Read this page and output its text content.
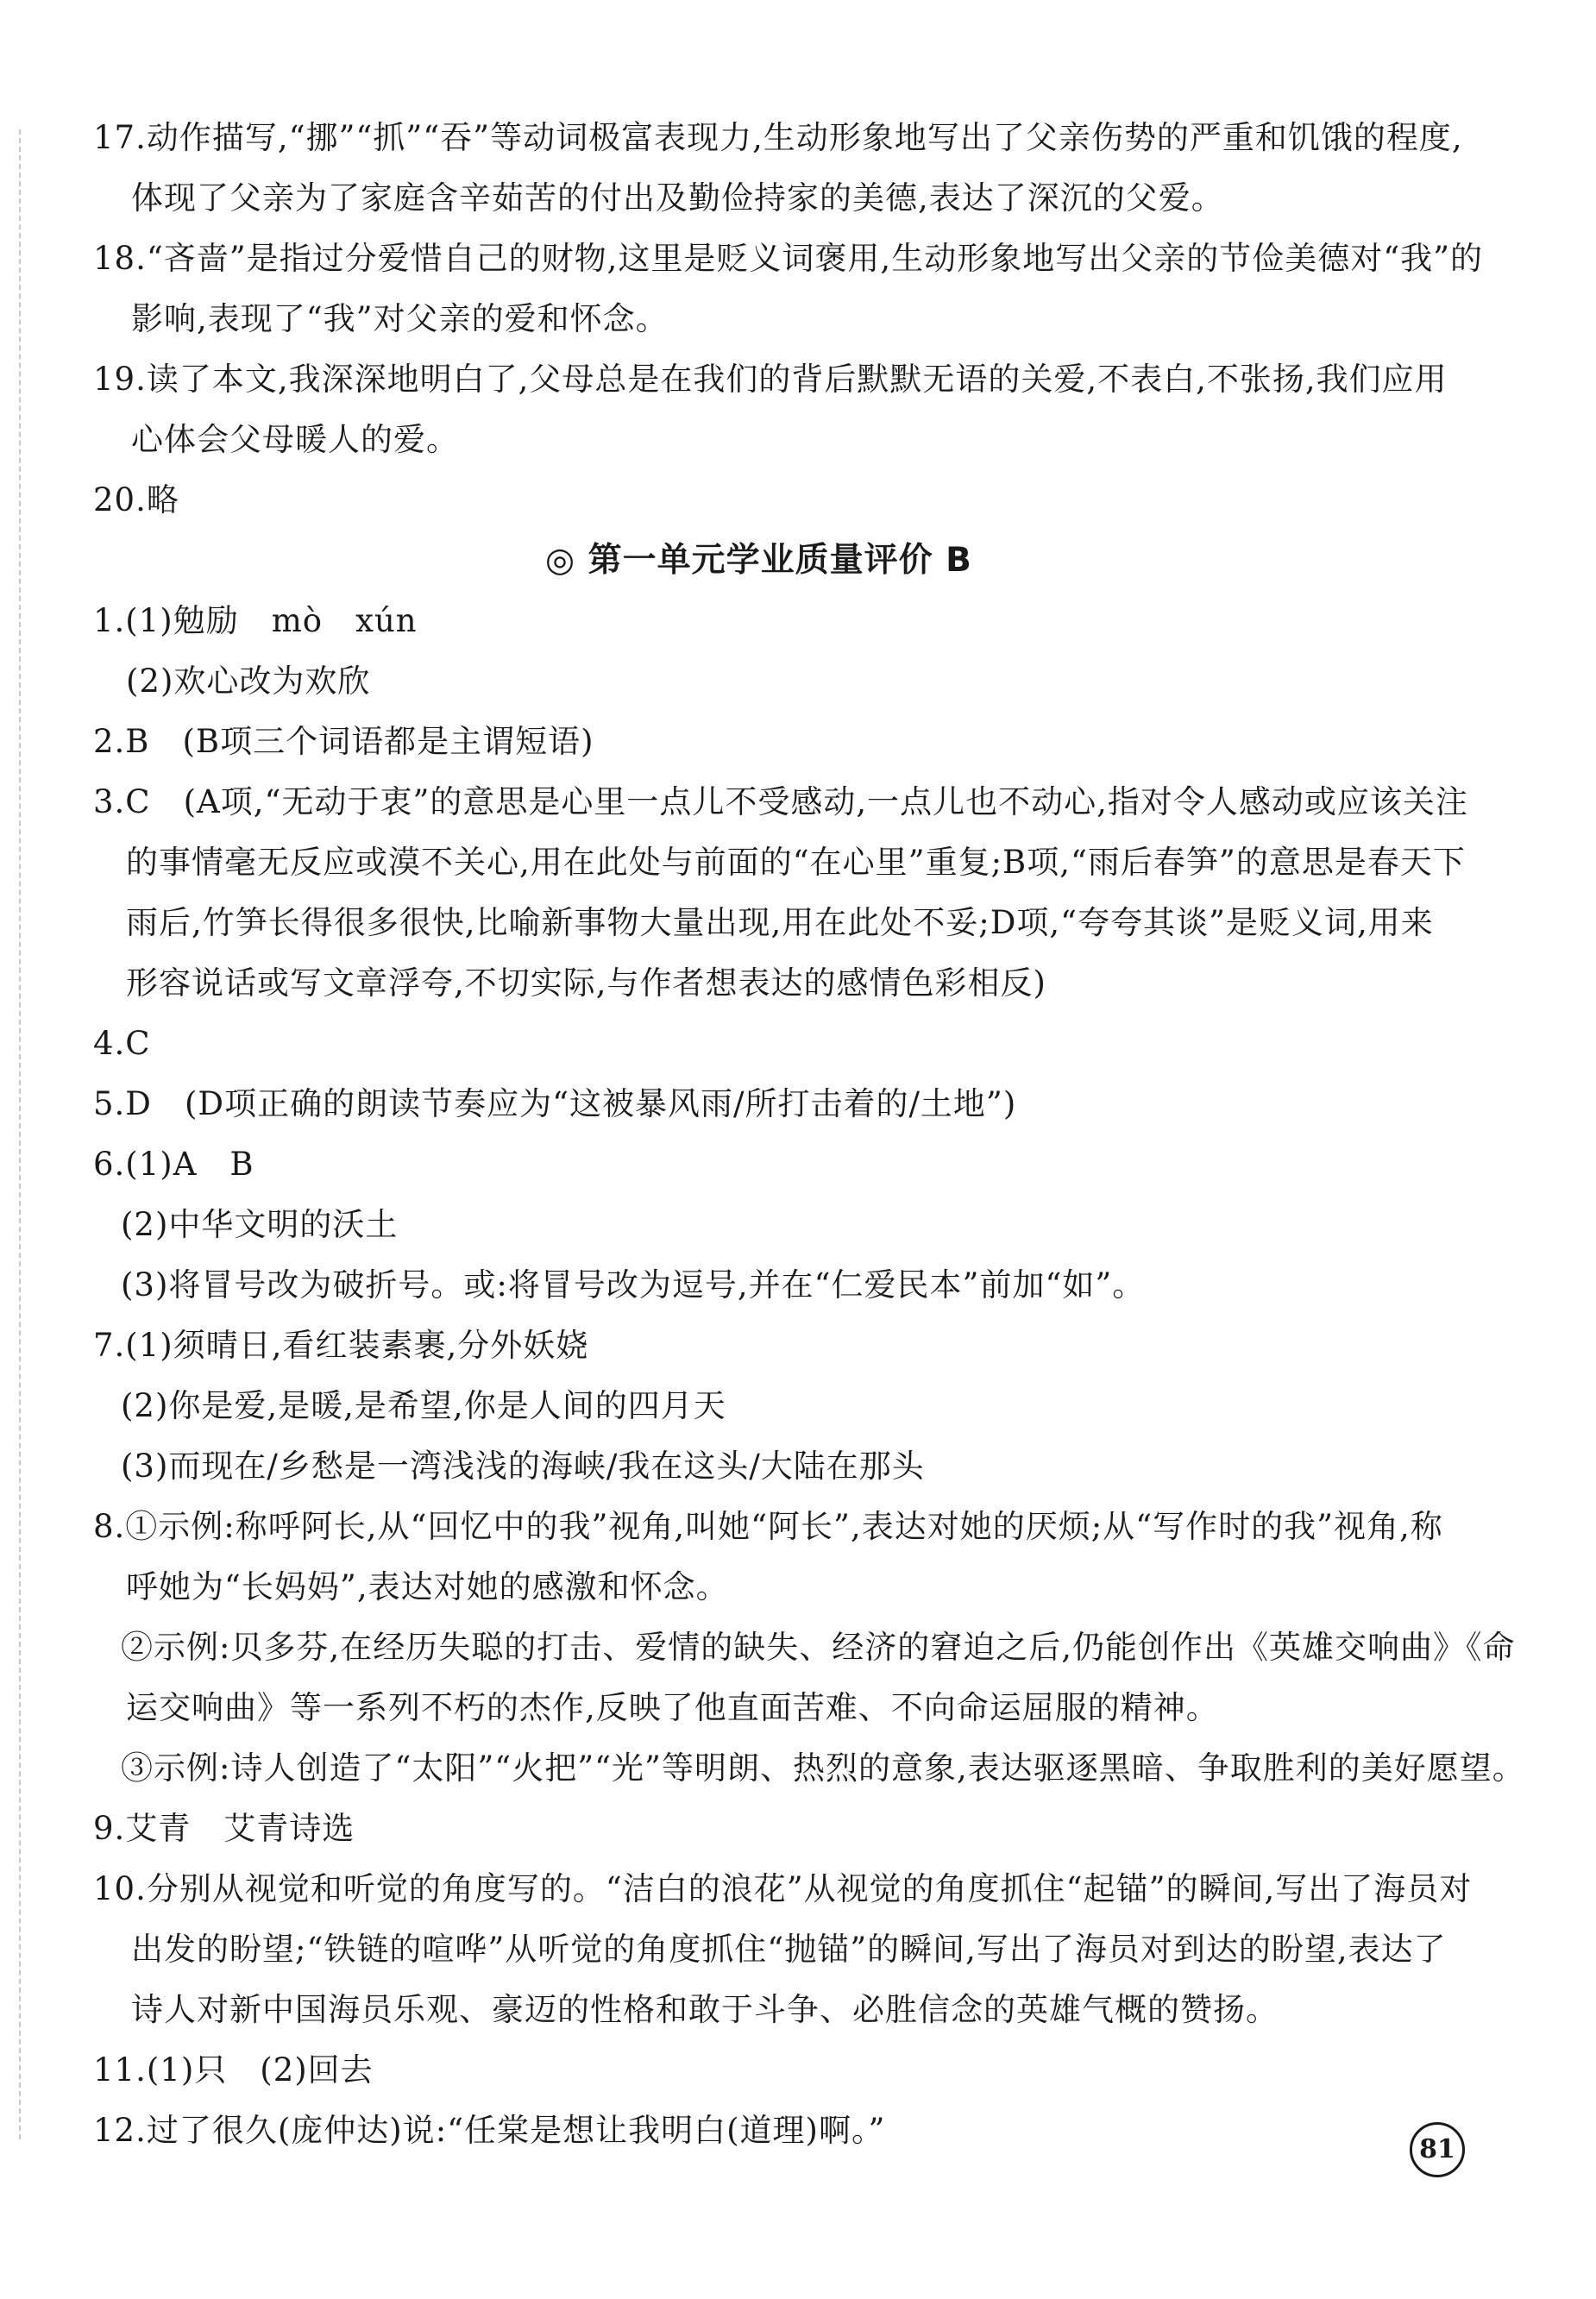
17.动作描写,“挪”“抓”“吞”等动词极富表现力,生动形象地写出了父亲伤势的严重和饥饿的程度,
体现了父亲为了家庭含辛茹苦的付出及勤俭持家的美德,表达了深沉的父爱。
18.“吝啬”是指过分爱惜自己的财物,这里是贬义词褒用,生动形象地写出父亲的节俭美德对“我”的
影响,表现了“我”对父亲的爱和怀念。
19.读了本文,我深深地明白了,父母总是在我们的背后默默无语的关爱,不表白,不张扬,我们应用
心体会父母暖人的爱。
20.略
◎ 第一单元学业质量评价 B
1.(1)勉励　mò　xún
(2)欢心改为欢欣
2.B　(B项三个词语都是主谓短语)
3.C　(A项,“无动于衷”的意思是心里一点儿不受感动,一点儿也不动心,指对令人感动或应该关注
的事情毫无反应或漠不关心,用在此处与前面的“在心里”重复;B项,“雨后春笋”的意思是春天下
雨后,竹笋长得很多很快,比喻新事物大量出现,用在此处不妥;D项,“夸夸其谈”是贬义词,用来
形容说话或写文章浮夸,不切实际,与作者想表达的感情色彩相反)
4.C
5.D　(D项正确的朗读节奏应为“这被暴风雨/所打击着的/土地”)
6.(1)A　B
(2)中华文明的沃土
(3)将冒号改为破折号。或:将冒号改为逗号,并在“仁爱民本”前加“如”。
7.(1)须晴日,看红装素裹,分外妖娆
(2)你是爱,是暖,是希望,你是人间的四月天
(3)而现在/乡愁是一湾浅浅的海峡/我在这头/大陆在那头
8.①示例:称呼阿长,从“回忆中的我”视角,叫她“阿长”,表达对她的厌烦;从“写作时的我”视角,称
呼她为“长妈妈”,表达对她的感激和怀念。
②示例:贝多芬,在经历失聪的打击、爱情的缺失、经济的窘迫之后,仍能创作出《英雄交响曲》《命
运交响曲》等一系列不朽的杰作,反映了他直面苦难、不向命运屈服的精神。
③示例:诗人创造了“太阳”“火把”“光”等明朗、热烈的意象,表达驱逐黑暗、争取胜利的美好愿望。
9.艾青　艾青诗选
10.分别从视觉和听觉的角度写的。“洁白的浪花”从视觉的角度抓住“起锚”的瞬间,写出了海员对
出发的盼望;“铁链的喧哗”从听觉的角度抓住“抛锚”的瞬间,写出了海员对到达的盼望,表达了
诗人对新中国海员乐观、豪迈的性格和敢于斗争、必胜信念的英雄气概的赞扬。
11.(1)只　(2)回去
12.过了很久(庞仲达)说:“任棠是想让我明白(道理)啊。”
81
